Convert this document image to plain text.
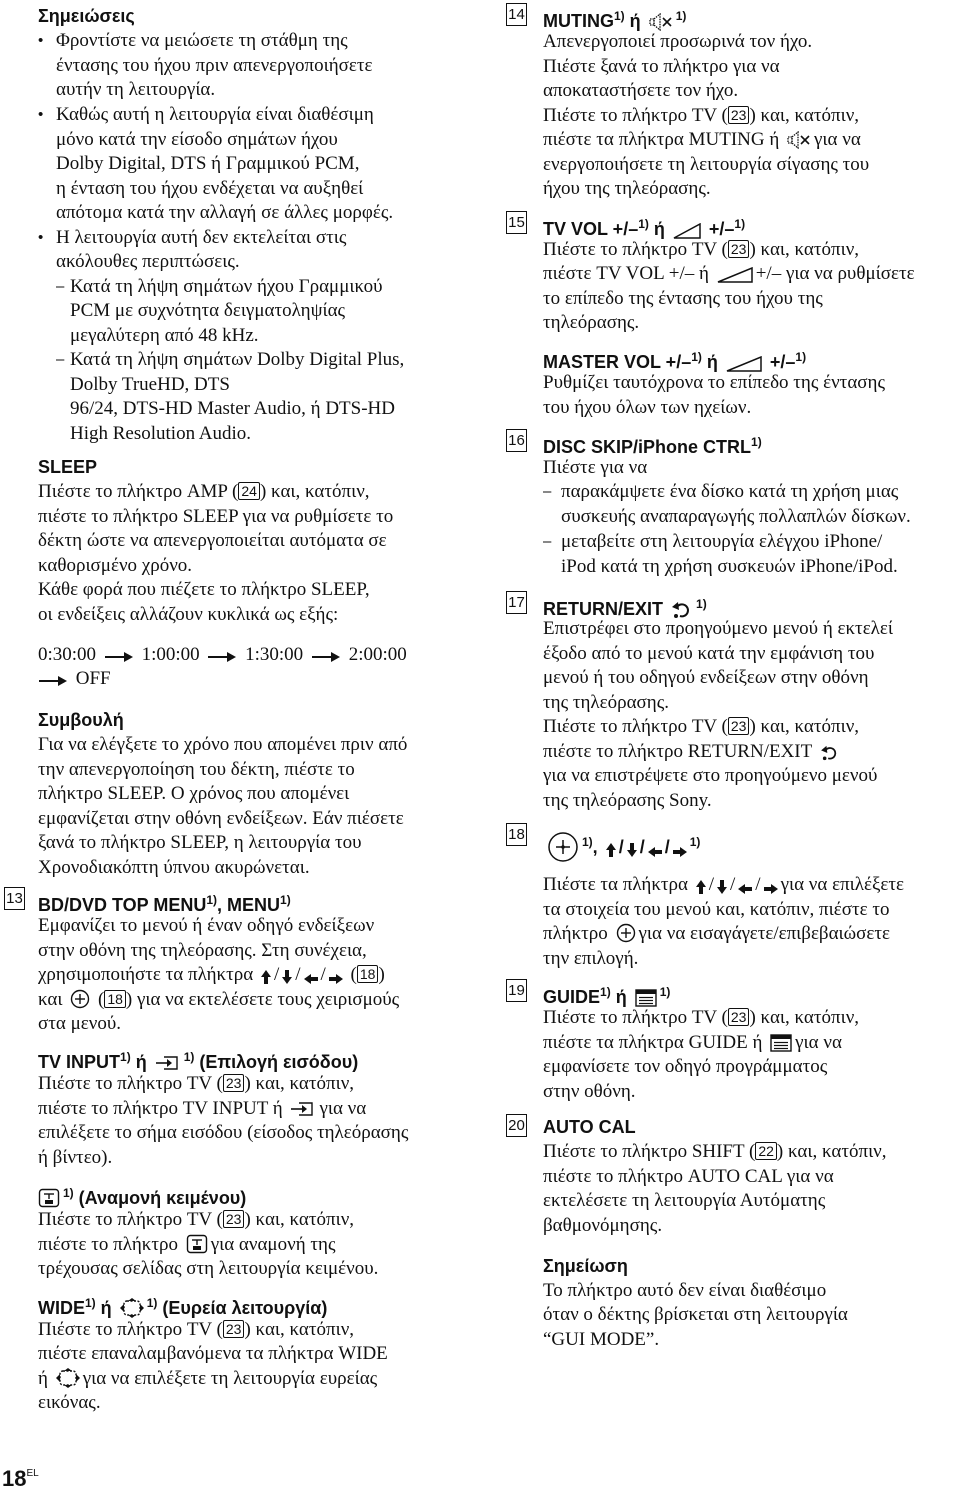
Σημειώσεις
• Φροντίστε να μειώσετε τη στάθμη της
έντασης του ήχου πριν απενεργοποιήσετε
αυτήν τη λειτουργία.
• Καθώς αυτή η λειτουργία είναι διαθέσιμη
μόνο κατά την είσοδο σημάτων ήχου
Dolby Digital, DTS ή Γραμμικού PCM,
η ένταση του ήχου ενδέχεται να αυξηθεί
απότομα κατά την αλλαγή σε άλλες μορφές.
• Η λειτουργία αυτή δεν εκτελείται στις
ακόλουθες περιπτώσεις.
– Κατά τη λήψη σημάτων ήχου Γραμμικού
PCM με συχνότητα δειγματοληψίας
μεγαλύτερη από 48 kHz.
– Κατά τη λήψη σημάτων Dolby Digital Plus,
Dolby TrueHD, DTS
96/24, DTS-HD Master Audio, ή DTS-HD
High Resolution Audio.
SLEEP
Πιέστε το πλήκτρο AMP ( 24 ) και, κατόπιν,
πιέστε το πλήκτρο SLEEP για να ρυθμίσετε το
δέκτη ώστε να απενεργοποιείται αυτόματα σε
καθορισμένο χρόνο.
Κάθε φορά που πιέζετε το πλήκτρο SLEEP,
οι ενδείξεις αλλάζουν κυκλικά ως εξής:
0:30:00 1:00:00 1:30:00 2:00:00
OFF
Συμβουλή
Για να ελέγξετε το χρόνο που απομένει πριν από
την απενεργοποίηση του δέκτη, πιέστε το
πλήκτρο SLEEP. Ο χρόνος που απομένει
εμφανίζεται στην οθόνη ενδείξεων. Εάν πιέσετε
ξανά το πλήκτρο SLEEP, η λειτουργία του
Χρονοδιακόπτη ύπνου ακυρώνεται.
13 BD/DVD TOP MENU$^{1)}$, MENU$^{1)}$
Εμφανίζει το μενού ή έναν οδηγό ενδείξεων
στην οθόνη της τηλεόρασης. Στη συνέχεια,
χρησιμοποιήστε τα πλήκτρα / / / ( 18 )
και  ( 18 ) για να εκτελέσετε τους χειρισμούς
στα μενού.
TV INPUT$^{1)}$ ή	$^{1)}$ (Επιλογή εισόδου)
Πιέστε το πλήκτρο TV ( 23 ) και, κατόπιν,
πιέστε το πλήκτρο TV INPUT ή για να
επιλέξετε το σήμα εισόδου (είσοδος τηλεόρασης
ή βίντεο).
$^{1)}$ (Αναμονή κειμένου)
Πιέστε το πλήκτρο TV ( 23 ) και, κατόπιν,
πιέστε το πλήκτρο για αναμονή της
τρέχουσας σελίδας στη λειτουργία κειμένου.
WIDE$^{1)}$ ή	$^{1)}$ (Ευρεία λειτουργία)
Πιέστε το πλήκτρο TV ( 23 ) και, κατόπιν,
πιέστε επαναλαμβανόμενα τα πλήκτρα WIDE
ή για να επιλέξετε τη λειτουργία ευρείας
εικόνας.
14 MUTING$^{1)}$ ή	$^{1)}$
Απενεργοποιεί προσωρινά τον ήχο.
Πιέστε ξανά το πλήκτρο για να
αποκαταστήσετε τον ήχο.
Πιέστε το πλήκτρο TV ( 23 ) και, κατόπιν,
πιέστε τα πλήκτρα MUTING ή για να
ενεργοποιήσετε τη λειτουργία σίγασης του
ήχου της τηλεόρασης.
15 TV VOL +/–$^{1)}$ ή  +/–$^{1)}$
Πιέστε το πλήκτρο TV ( 23 ) και, κατόπιν,
πιέστε TV VOL +/– ή +/– για να ρυθμίσετε
το επίπεδο της έντασης του ήχου της
τηλεόρασης.
MASTER VOL +/–$^{1)}$ ή	+/–$^{1)}$
Ρυθμίζει ταυτόχρονα το επίπεδο της έντασης
του ήχου όλων των ηχείων.
16 DISC SKIP/iPhone CTRL$^{1)}$
Πιέστε για να
– παρακάμψετε ένα δίσκο κατά τη χρήση μιας
συσκευής αναπαραγωγής πολλαπλών δίσκων.
– μεταβείτε στη λειτουργία ελέγχου iPhone/
iPod κατά τη χρήση συσκευών iPhone/iPod.
17 RETURN/EXIT	$^{1)}$
Επιστρέφει στο προηγούμενο μενού ή εκτελεί
έξοδο από το μενού κατά την εμφάνιση του
μενού ή του οδηγού ενδείξεων στην οθόνη
της τηλεόρασης.
Πιέστε το πλήκτρο TV ( 23 ) και, κατόπιν,
πιέστε το πλήκτρο RETURN/EXIT
για να επιστρέψετε στο προηγούμενο μενού
της τηλεόρασης Sony.
18	$^{1)}$, / / / $^{1)}$
Πιέστε τα πλήκτρα / / / για να επιλέξετε
τα στοιχεία του μενού και, κατόπιν, πιέστε το
πλήκτρο για να εισαγάγετε/επιβεβαιώσετε
την επιλογή.
19 GUIDE$^{1)}$ ή	$^{1)}$
Πιέστε το πλήκτρο TV ( 23 ) και, κατόπιν,
πιέστε τα πλήκτρα GUIDE ή για να
εμφανίσετε τον οδηγό προγράμματος
στην οθόνη.
20 AUTO CAL
Πιέστε το πλήκτρο SHIFT ( 22 ) και, κατόπιν,
πιέστε το πλήκτρο AUTO CAL για να
εκτελέσετε τη λειτουργία Αυτόματης
βαθμονόμησης.
Σημείωση
Το πλήκτρο αυτό δεν είναι διαθέσιμο
όταν ο δέκτης βρίσκεται στη λειτουργία
“GUI MODE”.
$18^{EL}$
